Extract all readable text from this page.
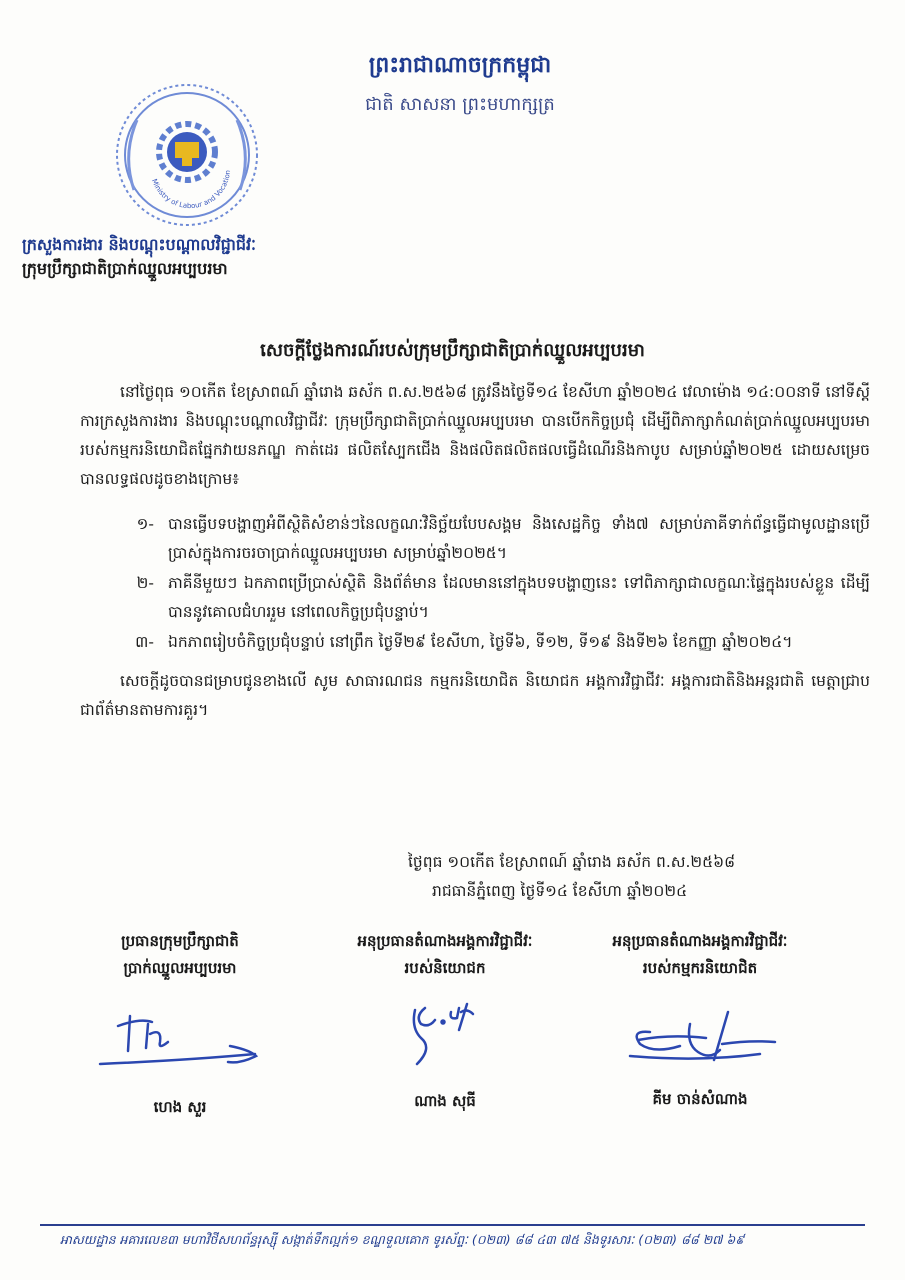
ព្រះរាជាណាចក្រកម្ពុជា
ជាតិ សាសនា ព្រះមហាក្សត្រ
Ministry of Labour and Vocation
ក្រសួងការងារ និងបណ្តុះបណ្តាលវិជ្ជាជីវៈ
ក្រុមប្រឹក្សាជាតិប្រាក់ឈ្នួលអប្បបរមា
សេចក្តីថ្លែងការណ៍របស់ក្រុមប្រឹក្សាជាតិប្រាក់ឈ្នួលអប្បបរមា

នៅថ្ងៃពុធ ១០កើត ខែស្រាពណ៍ ឆ្នាំរោង ឆស័ក ព.ស.២៥៦៨ ត្រូវនឹងថ្ងៃទី១៤ ខែសីហា ឆ្នាំ២០២៤ វេលាម៉ោង ១៤:០០នាទី នៅទីស្តីការក្រសួងការងារ និងបណ្តុះបណ្តាលវិជ្ជាជីវៈ ក្រុមប្រឹក្សាជាតិប្រាក់ឈ្នួលអប្បបរមា បានបើកកិច្ចប្រជុំ ដើម្បីពិភាក្សាកំណត់ប្រាក់ឈ្នួលអប្បបរមារបស់កម្មករនិយោជិតផ្នែកវាយនភណ្ឌ កាត់ដេរ ផលិតស្បែកជើង និងផលិតផលិតផលធ្វើដំណើរនិងកាបូប សម្រាប់ឆ្នាំ២០២៥ ដោយសម្រេចបានលទ្ធផលដូចខាងក្រោម៖

១- បានធ្វើបទបង្ហាញអំពីស្ថិតិសំខាន់ៗនៃលក្ខណៈវិនិច្ឆ័យបែបសង្គម និងសេដ្ឋកិច្ច ទាំង៧ សម្រាប់ភាគីទាក់ព័ន្ធធ្វើជាមូលដ្ឋានប្រើប្រាស់ក្នុងការចរចាប្រាក់ឈ្នួលអប្បបរមា សម្រាប់ឆ្នាំ២០២៥។
២- ភាគីនីមួយៗ ឯកភាពប្រើប្រាស់ស្ថិតិ និងព័ត៌មាន ដែលមាននៅក្នុងបទបង្ហាញនេះ ទៅពិភាក្សាជាលក្ខណៈផ្ទៃក្នុងរបស់ខ្លួន ដើម្បីបាននូវគោលជំហររួម នៅពេលកិច្ចប្រជុំបន្ទាប់។
៣- ឯកភាពរៀបចំកិច្ចប្រជុំបន្ទាប់ នៅព្រឹក ថ្ងៃទី២៩ ខែសីហា, ថ្ងៃទី៦, ទី១២, ទី១៩ និងទី២៦ ខែកញ្ញា ឆ្នាំ២០២៤។

សេចក្តីដូចបានជម្រាបជូនខាងលើ សូម សាធារណជន កម្មករនិយោជិត និយោជក អង្គការវិជ្ជាជីវៈ អង្គការជាតិនិងអន្តរជាតិ មេត្តាជ្រាបជាព័ត៌មានតាមការគួរ។

ថ្ងៃពុធ ១០កើត ខែស្រាពណ៍ ឆ្នាំរោង ឆស័ក ព.ស.២៥៦៨
រាជធានីភ្នំពេញ ថ្ងៃទី១៤ ខែសីហា ឆ្នាំ២០២៤
ប្រធានក្រុមប្រឹក្សាជាតិ
ប្រាក់ឈ្នួលអប្បបរមា
ហេង សួរ
អនុប្រធានតំណាងអង្គការវិជ្ជាជីវៈ
របស់និយោជក
ណាង សុធី
អនុប្រធានតំណាងអង្គការវិជ្ជាជីវៈ
របស់កម្មករនិយោជិត
គីម ចាន់សំណាង
អាសយដ្ឋាន អគារលេខ៣ មហាវិថីសហព័ន្ធរុស្ស៊ី សង្កាត់ទឹកល្អក់១ ខណ្ឌទួលគោក ទូរស័ព្ទៈ (០២៣) ៨៨ ៤៣ ៧៥ និងទូរសារៈ (០២៣) ៨៨ ២៧ ៦៩
